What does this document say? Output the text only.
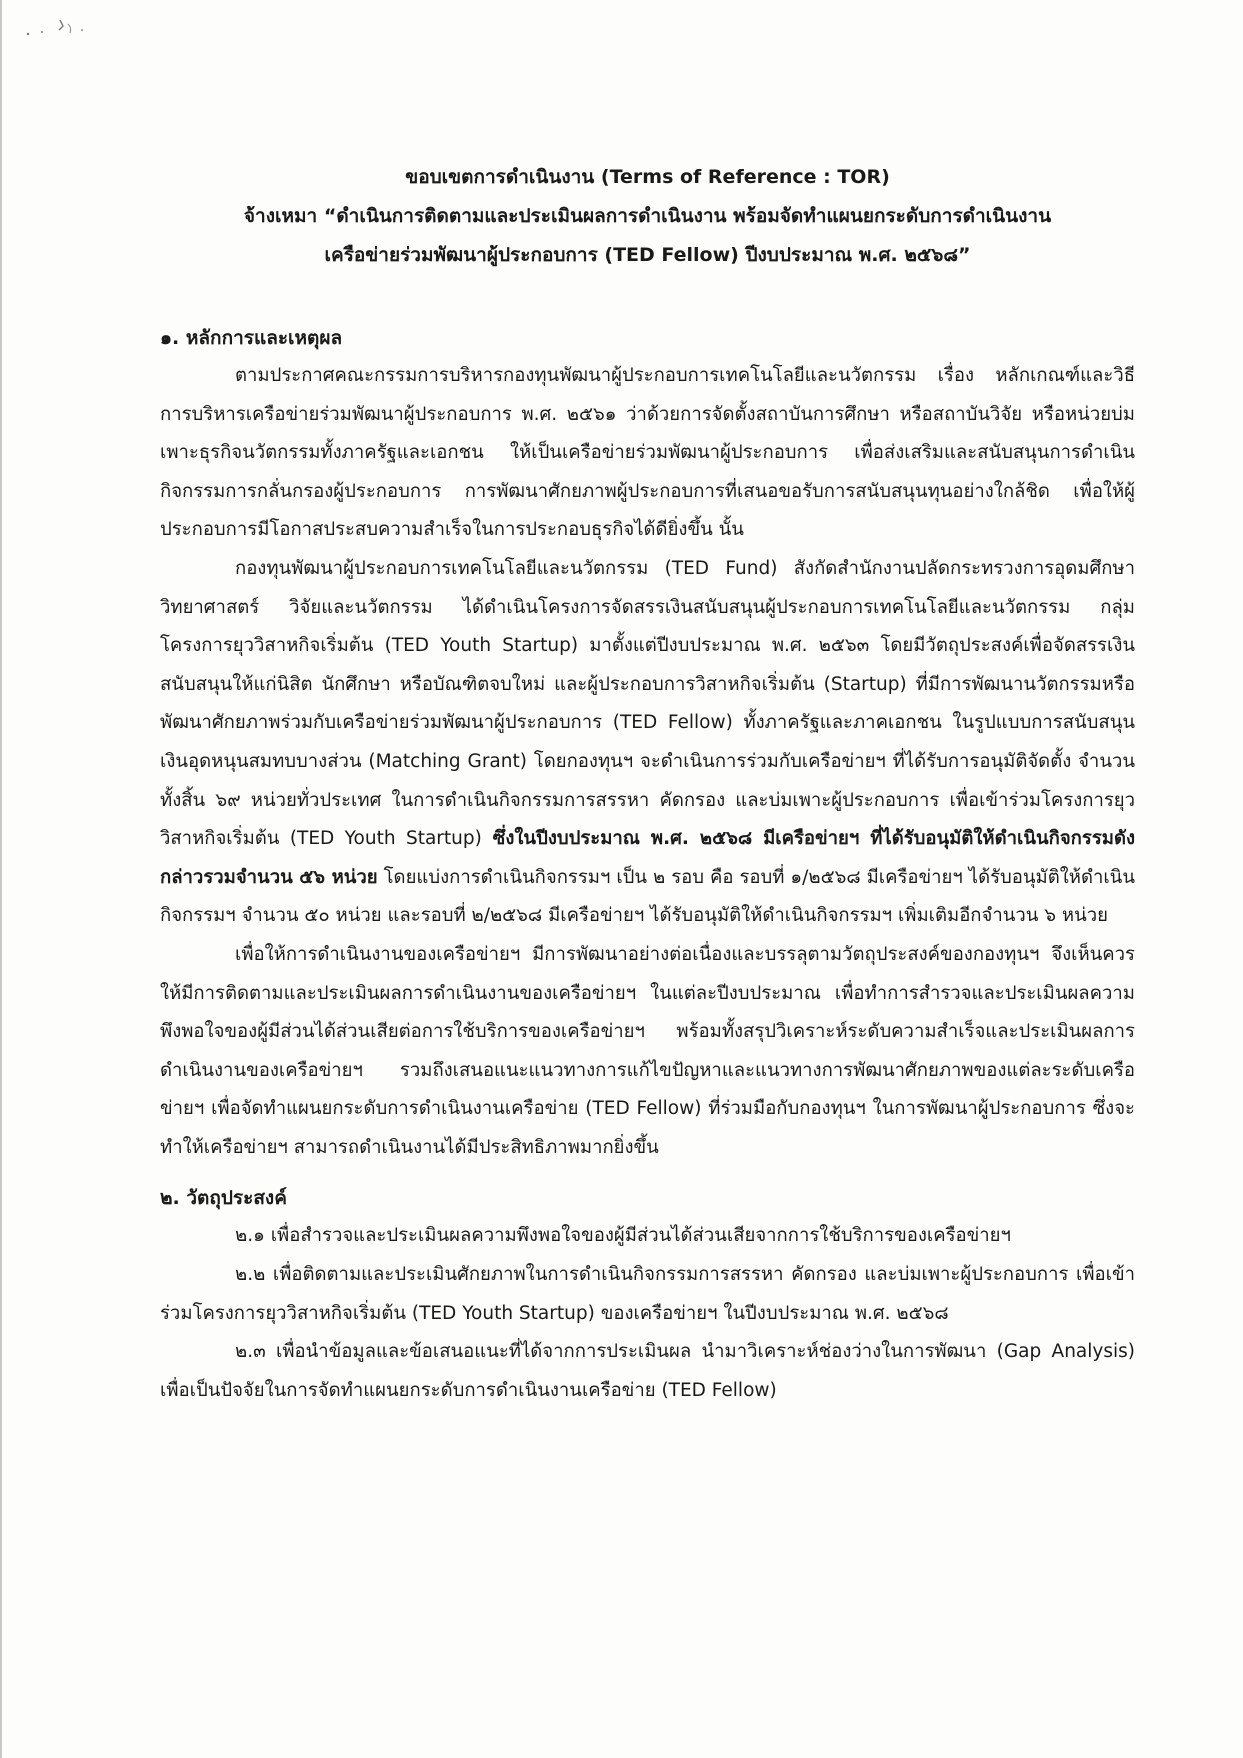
ขอบเขตการดำเนินงาน (Terms of Reference : TOR)
จ้างเหมา “ดำเนินการติดตามและประเมินผลการดำเนินงาน พร้อมจัดทำแผนยกระดับการดำเนินงาน
เครือข่ายร่วมพัฒนาผู้ประกอบการ (TED Fellow) ปีงบประมาณ พ.ศ. ๒๕๖๘”
๑. หลักการและเหตุผล

ตามประกาศคณะกรรมการบริหารกองทุนพัฒนาผู้ประกอบการเทคโนโลยีและนวัตกรรม เรื่อง หลักเกณฑ์และวิธีการบริหารเครือข่ายร่วมพัฒนาผู้ประกอบการ พ.ศ. ๒๕๖๑ ว่าด้วยการจัดตั้งสถาบันการศึกษา หรือสถาบันวิจัย หรือหน่วยบ่มเพาะธุรกิจนวัตกรรมทั้งภาครัฐและเอกชน ให้เป็นเครือข่ายร่วมพัฒนาผู้ประกอบการ เพื่อส่งเสริมและสนับสนุนการดำเนินกิจกรรมการกลั่นกรองผู้ประกอบการ การพัฒนาศักยภาพผู้ประกอบการที่เสนอขอรับการสนับสนุนทุนอย่างใกล้ชิด เพื่อให้ผู้ประกอบการมีโอกาสประสบความสำเร็จในการประกอบธุรกิจได้ดียิ่งขึ้น นั้น

กองทุนพัฒนาผู้ประกอบการเทคโนโลยีและนวัตกรรม (TED Fund) สังกัดสำนักงานปลัดกระทรวงการอุดมศึกษา วิทยาศาสตร์ วิจัยและนวัตกรรม ได้ดำเนินโครงการจัดสรรเงินสนับสนุนผู้ประกอบการเทคโนโลยีและนวัตกรรม กลุ่มโครงการยุววิสาหกิจเริ่มต้น (TED Youth Startup) มาตั้งแต่ปีงบประมาณ พ.ศ. ๒๕๖๓ โดยมีวัตถุประสงค์เพื่อจัดสรรเงินสนับสนุนให้แก่นิสิต นักศึกษา หรือบัณฑิตจบใหม่ และผู้ประกอบการวิสาหกิจเริ่มต้น (Startup) ที่มีการพัฒนานวัตกรรมหรือพัฒนาศักยภาพร่วมกับเครือข่ายร่วมพัฒนาผู้ประกอบการ (TED Fellow) ทั้งภาครัฐและภาคเอกชน ในรูปแบบการสนับสนุนเงินอุดหนุนสมทบบางส่วน (Matching Grant) โดยกองทุนฯ จะดำเนินการร่วมกับเครือข่ายฯ ที่ได้รับการอนุมัติจัดตั้ง จำนวนทั้งสิ้น ๖๙ หน่วยทั่วประเทศ ในการดำเนินกิจกรรมการสรรหา คัดกรอง และบ่มเพาะผู้ประกอบการ เพื่อเข้าร่วมโครงการยุววิสาหกิจเริ่มต้น (TED Youth Startup) ซึ่งในปีงบประมาณ พ.ศ. ๒๕๖๘ มีเครือข่ายฯ ที่ได้รับอนุมัติให้ดำเนินกิจกรรมดังกล่าวรวมจำนวน ๕๖ หน่วย โดยแบ่งการดำเนินกิจกรรมฯ เป็น ๒ รอบ คือ รอบที่ ๑/๒๕๖๘ มีเครือข่ายฯ ได้รับอนุมัติให้ดำเนินกิจกรรมฯ จำนวน ๕๐ หน่วย และรอบที่ ๒/๒๕๖๘ มีเครือข่ายฯ ได้รับอนุมัติให้ดำเนินกิจกรรมฯ เพิ่มเติมอีกจำนวน ๖ หน่วย

เพื่อให้การดำเนินงานของเครือข่ายฯ มีการพัฒนาอย่างต่อเนื่องและบรรลุตามวัตถุประสงค์ของกองทุนฯ จึงเห็นควรให้มีการติดตามและประเมินผลการดำเนินงานของเครือข่ายฯ ในแต่ละปีงบประมาณ เพื่อทำการสำรวจและประเมินผลความพึงพอใจของผู้มีส่วนได้ส่วนเสียต่อการใช้บริการของเครือข่ายฯ พร้อมทั้งสรุปวิเคราะห์ระดับความสำเร็จและประเมินผลการดำเนินงานของเครือข่ายฯ รวมถึงเสนอแนะแนวทางการแก้ไขปัญหาและแนวทางการพัฒนาศักยภาพของแต่ละระดับเครือข่ายฯ เพื่อจัดทำแผนยกระดับการดำเนินงานเครือข่าย (TED Fellow) ที่ร่วมมือกับกองทุนฯ ในการพัฒนาผู้ประกอบการ ซึ่งจะทำให้เครือข่ายฯ สามารถดำเนินงานได้มีประสิทธิภาพมากยิ่งขึ้น

๒. วัตถุประสงค์

๒.๑ เพื่อสำรวจและประเมินผลความพึงพอใจของผู้มีส่วนได้ส่วนเสียจากการใช้บริการของเครือข่ายฯ

๒.๒ เพื่อติดตามและประเมินศักยภาพในการดำเนินกิจกรรมการสรรหา คัดกรอง และบ่มเพาะผู้ประกอบการ เพื่อเข้าร่วมโครงการยุววิสาหกิจเริ่มต้น (TED Youth Startup) ของเครือข่ายฯ ในปีงบประมาณ พ.ศ. ๒๕๖๘

๒.๓ เพื่อนำข้อมูลและข้อเสนอแนะที่ได้จากการประเมินผล นำมาวิเคราะห์ช่องว่างในการพัฒนา (Gap Analysis) เพื่อเป็นปัจจัยในการจัดทำแผนยกระดับการดำเนินงานเครือข่าย (TED Fellow)
